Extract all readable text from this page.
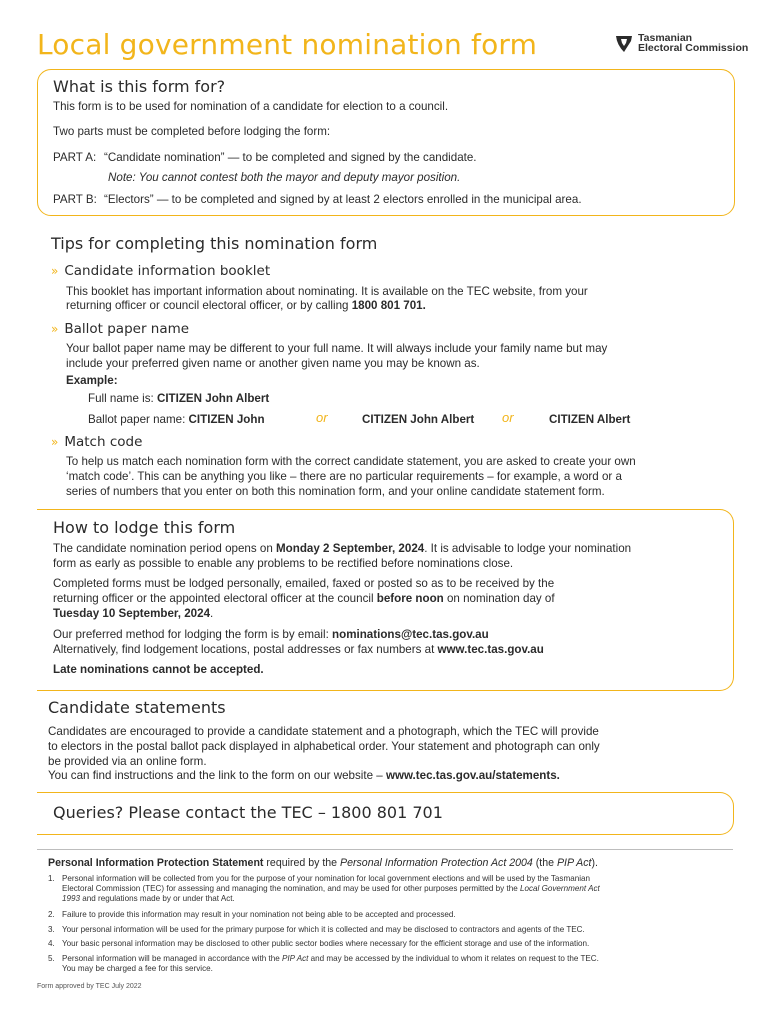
Local government nomination form	Tasmanian
Electoral Commission
What is this form for?
This form is to be used for nomination of a candidate for election to a council.
Two parts must be completed before lodging the form:
PART A: “Candidate nomination” — to be completed and signed by the candidate.
Note: You cannot contest both the mayor and deputy mayor position.
PART B: “Electors” — to be completed and signed by at least 2 electors enrolled in the municipal area.
Tips for completing this nomination form
» Candidate information booklet
This booklet has important information about nominating. It is available on the TEC website, from your
returning officer or council electoral officer, or by calling 1800 801 701.
» Ballot paper name
Your ballot paper name may be different to your full name. It will always include your family name but may
include your preferred given name or another given name you may be known as.
Example:
Full name is: CITIZEN John Albert
Ballot paper name: CITIZEN John	or	CITIZEN John Albert or	CITIZEN Albert
» Match code
To help us match each nomination form with the correct candidate statement, you are asked to create your own
‘match code’. This can be anything you like – there are no particular requirements – for example, a word or a
series of numbers that you enter on both this nomination form, and your online candidate statement form.
How to lodge this form
The candidate nomination period opens on Monday 2 September, 2024. It is advisable to lodge your nomination
form as early as possible to enable any problems to be rectified before nominations close.
Completed forms must be lodged personally, emailed, faxed or posted so as to be received by the
returning officer or the appointed electoral officer at the council before noon on nomination day of
Tuesday 10 September, 2024.
Our preferred method for lodging the form is by email: nominations@tec.tas.gov.au
Alternatively, find lodgement locations, postal addresses or fax numbers at www.tec.tas.gov.au
Late nominations cannot be accepted.
Candidate statements
Candidates are encouraged to provide a candidate statement and a photograph, which the TEC will provide
to electors in the postal ballot pack displayed in alphabetical order. Your statement and photograph can only
be provided via an online form.
You can find instructions and the link to the form on our website – www.tec.tas.gov.au/statements.
Queries? Please contact the TEC – 1800 801 701
Personal Information Protection Statement required by the Personal Information Protection Act 2004 (the PIP Act).
1. Personal information will be collected from you for the purpose of your nomination for local government elections and will be used by the Tasmanian
Electoral Commission (TEC) for assessing and managing the nomination, and may be used for other purposes permitted by the Local Government Act
1993 and regulations made by or under that Act.
2. Failure to provide this information may result in your nomination not being able to be accepted and processed.
3. Your personal information will be used for the primary purpose for which it is collected and may be disclosed to contractors and agents of the TEC.
4. Your basic personal information may be disclosed to other public sector bodies where necessary for the efficient storage and use of the information.
5. Personal information will be managed in accordance with the PIP Act and may be accessed by the individual to whom it relates on request to the TEC.
You may be charged a fee for this service.
Form approved by TEC July 2022
